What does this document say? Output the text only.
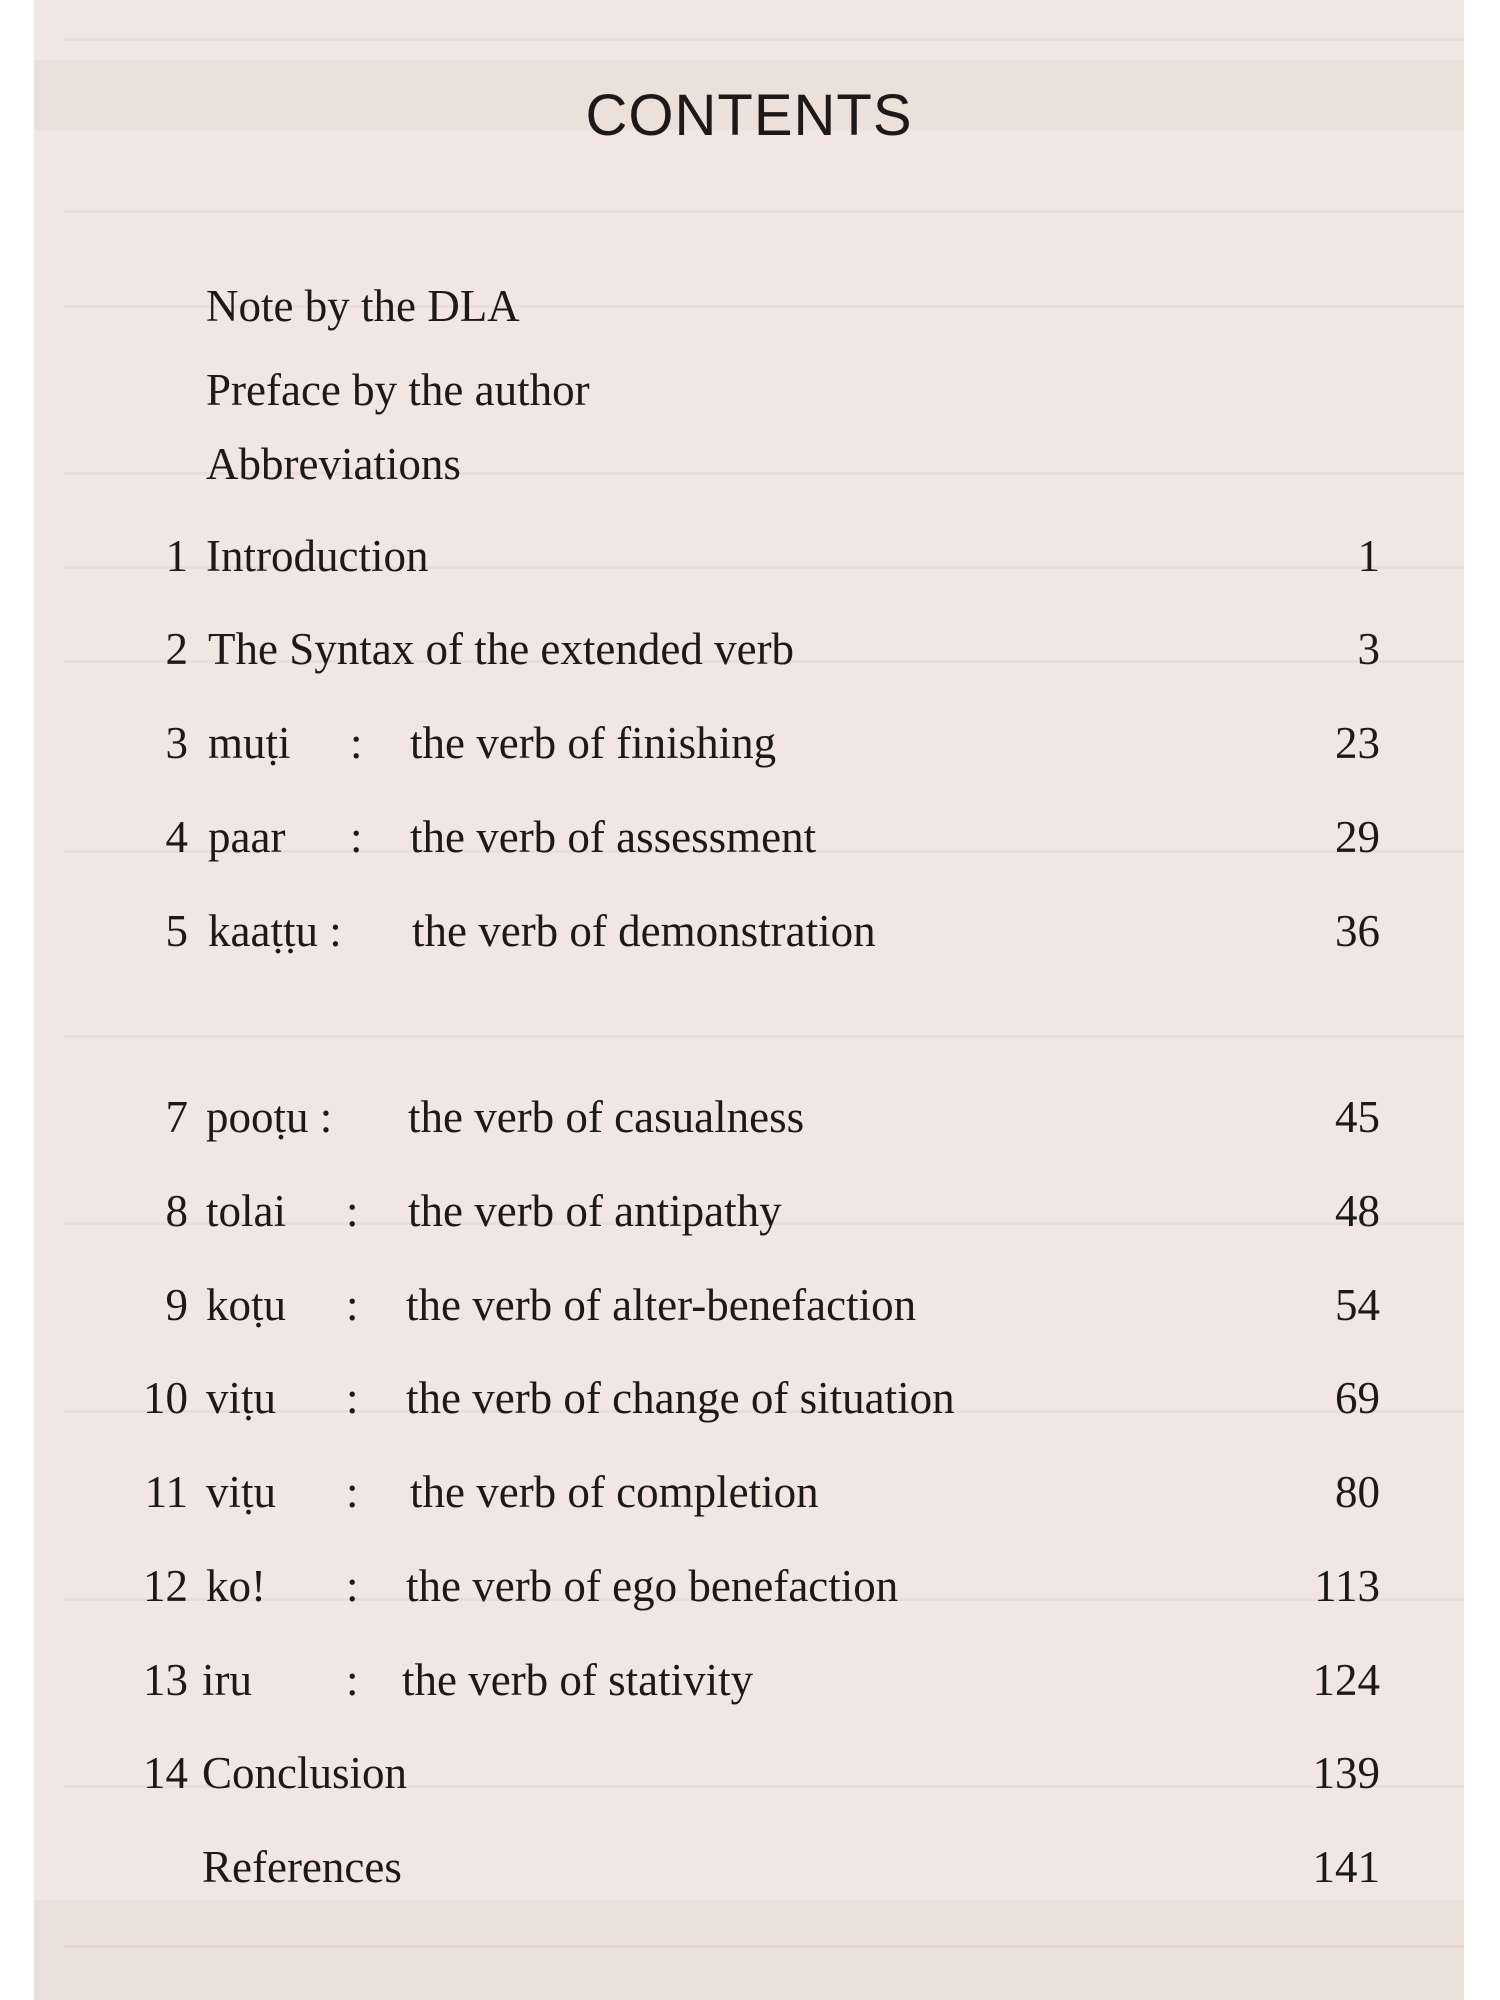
CONTENTS
Note by the DLA
Preface by the author
Abbreviations
1 Introduction	1
2 The Syntax of the extended verb	3
3 muṭi : the verb of finishing	23
4 paar : the verb of assessment	29
5 kaaṭṭu : the verb of demonstration	36
7 pooṭu : the verb of casualness	45
8 tolai : the verb of antipathy	48
9 koṭu : the verb of alter-benefaction	54
10 viṭu : the verb of change of situation	69
11 viṭu : the verb of completion	80
12 ko! : the verb of ego benefaction	113
13 iru : the verb of stativity	124
14 Conclusion	139
References	141
